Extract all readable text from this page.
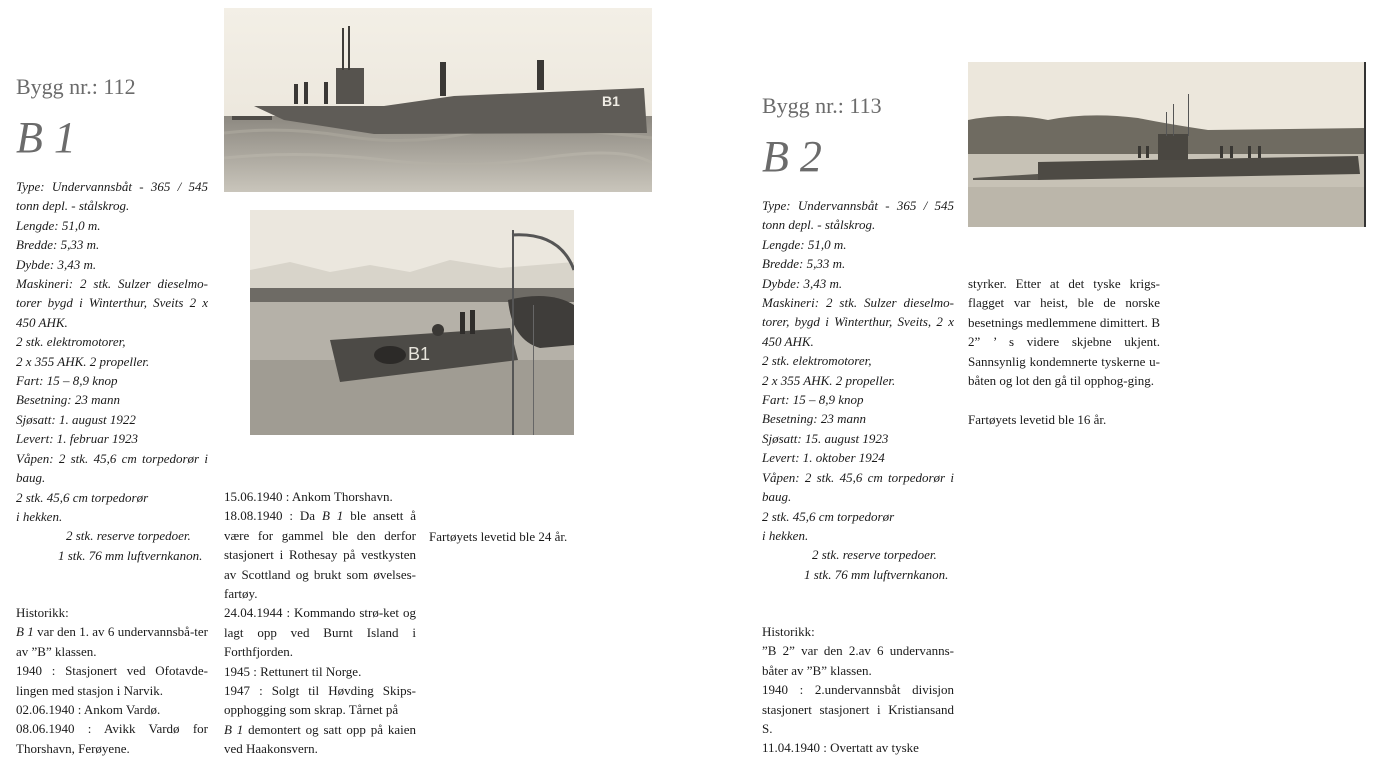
Bygg nr.: 112
B 1

Type: Undervannsbåt - 365 / 545 tonn depl. - stålskrog.

Lengde: 51,0 m.

Bredde: 5,33 m.

Dybde: 3,43 m.

Maskineri: 2 stk. Sulzer dieselmo-torer bygd i Winterthur, Sveits 2 x 450 AHK.

2 stk. elektromotorer,

2 x 355 AHK. 2 propeller.

Fart: 15 – 8,9 knop

Besetning: 23 mann

Sjøsatt: 1. august 1922

Levert: 1. februar 1923

Våpen: 2 stk. 45,6 cm torpedorør i baug.

2 stk. 45,6 cm torpedorør

i hekken.

2 stk. reserve torpedoer.

1 stk. 76 mm luftvernkanon.

Historikk:

B 1 var den 1. av 6 undervannsbå-ter av ”B” klassen.

1940 : Stasjonert ved Ofotavde-lingen med stasjon i Narvik.

02.06.1940 : Ankom Vardø.

08.06.1940 : Avikk Vardø for Thorshavn, Ferøyene.

15.06.1940 : Ankom Thorshavn.

18.08.1940 : Da B 1 ble ansett å være for gammel ble den derfor stasjonert i Rothesay på vestkysten av Scottland og brukt som øvelses-fartøy.

24.04.1944 : Kommando strø-ket og lagt opp ved Burnt Island i Forthfjorden.

1945 : Rettunert til Norge.

1947 : Solgt til Høvding Skips-opphogging som skrap. Tårnet på

B 1 demontert og satt opp på kaien ved Haakonsvern.

Fartøyets levetid ble 24 år.
B1
B1
Bygg nr.: 113
B 2

Type: Undervannsbåt - 365 / 545 tonn depl. - stålskrog.

Lengde: 51,0 m.

Bredde: 5,33 m.

Dybde: 3,43 m.

Maskineri: 2 stk. Sulzer dieselmo-torer, bygd i Winterthur, Sveits, 2 x 450 AHK.

2 stk. elektromotorer,

2 x 355 AHK. 2 propeller.

Fart: 15 – 8,9 knop

Besetning: 23 mann

Sjøsatt: 15. august 1923

Levert: 1. oktober 1924

Våpen: 2 stk. 45,6 cm torpedorør i baug.

2 stk. 45,6 cm torpedorør

i hekken.

2 stk. reserve torpedoer.

1 stk. 76 mm luftvernkanon.

Historikk:

”B 2” var den 2.av 6 undervanns-båter av ”B” klassen.

1940 : 2.undervannsbåt divisjon stasjonert stasjonert i Kristiansand S.

11.04.1940 : Overtatt av tyske

styrker. Etter at det tyske krigs-flagget var heist, ble de norske besetnings medlemmene dimittert. B 2” ’ s videre skjebne ukjent. Sannsynlig kondemnerte tyskerne u-båten og lot den gå til opphog-ging.

Fartøyets levetid ble 16 år.
